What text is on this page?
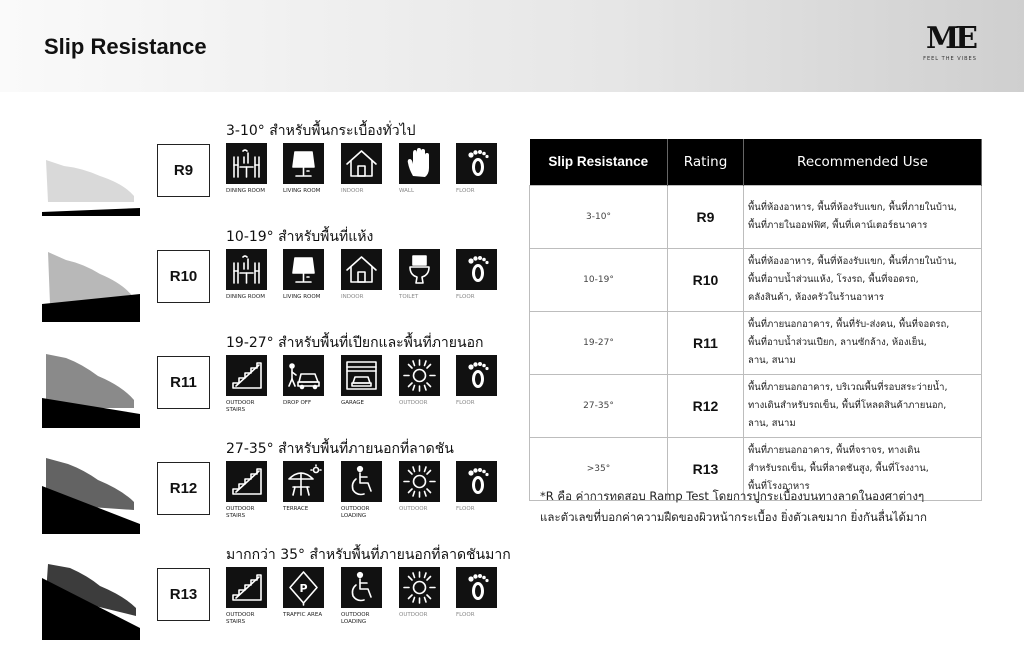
Slip Resistance	ME
FEEL THE VIBES
R9
3-10° สำหรับพื้นกระเบื้องทั่วไป
DINING ROOM	LIVING ROOM	INDOOR	WALL	FLOOR
R10
10-19° สำหรับพื้นที่แห้ง
DINING ROOM	LIVING ROOM	INDOOR	TOILET	FLOOR
R11
19-27° สำหรับพื้นที่เปียกและพื้นที่ภายนอก
OUTDOOR
STAIRS
DROP OFF	GARAGE	OUTDOOR	FLOOR
R12
27-35° สำหรับพื้นที่ภายนอกที่ลาดชัน
OUTDOOR
STAIRS
TERRACE	OUTDOOR
LOADING
OUTDOOR	FLOOR
R13
มากกว่า 35° สำหรับพื้นที่ภายนอกที่ลาดชันมาก
OUTDOOR
STAIRS
P
TRAFFIC AREA	OUTDOOR
LOADING
OUTDOOR	FLOOR
Slip Resistance	Rating	Recommended Use
3-10°	R9	พื้นที่ห้องอาหาร, พื้นที่ห้องรับแขก, พื้นที่ภายในบ้าน,
พื้นที่ภายในออฟฟิศ, พื้นที่เคาน์เตอร์ธนาคาร

10-19°	R10	พื้นที่ห้องอาหาร, พื้นที่ห้องรับแขก, พื้นที่ภายในบ้าน,
พื้นที่อาบน้ำส่วนแห้ง, โรงรถ, พื้นที่จอดรถ,
คลังสินค้า, ห้องครัวในร้านอาหาร

19-27°	R11	พื้นที่ภายนอกอาคาร, พื้นที่รับ-ส่งคน, พื้นที่จอดรถ,
พื้นที่อาบน้ำส่วนเปียก, ลานซักล้าง, ห้องเย็น,
ลาน, สนาม

27-35°	R12	พื้นที่ภายนอกอาคาร, บริเวณพื้นที่รอบสระว่ายน้ำ,
ทางเดินสำหรับรถเข็น, พื้นที่โหลดสินค้าภายนอก,
ลาน, สนาม

>35°	R13	พื้นที่ภายนอกอาคาร, พื้นที่จราจร, ทางเดิน
สำหรับรถเข็น, พื้นที่ลาดชันสูง, พื้นที่โรงงาน,
พื้นที่โรงอาหาร
*R คือ ค่าการทดสอบ Ramp Test โดยการปูกระเบื้องบนทางลาดในองศาต่างๆ
และตัวเลขที่บอกค่าความฝืดของผิวหน้ากระเบื้อง ยิ่งตัวเลขมาก ยิ่งกันลื่นได้มาก
